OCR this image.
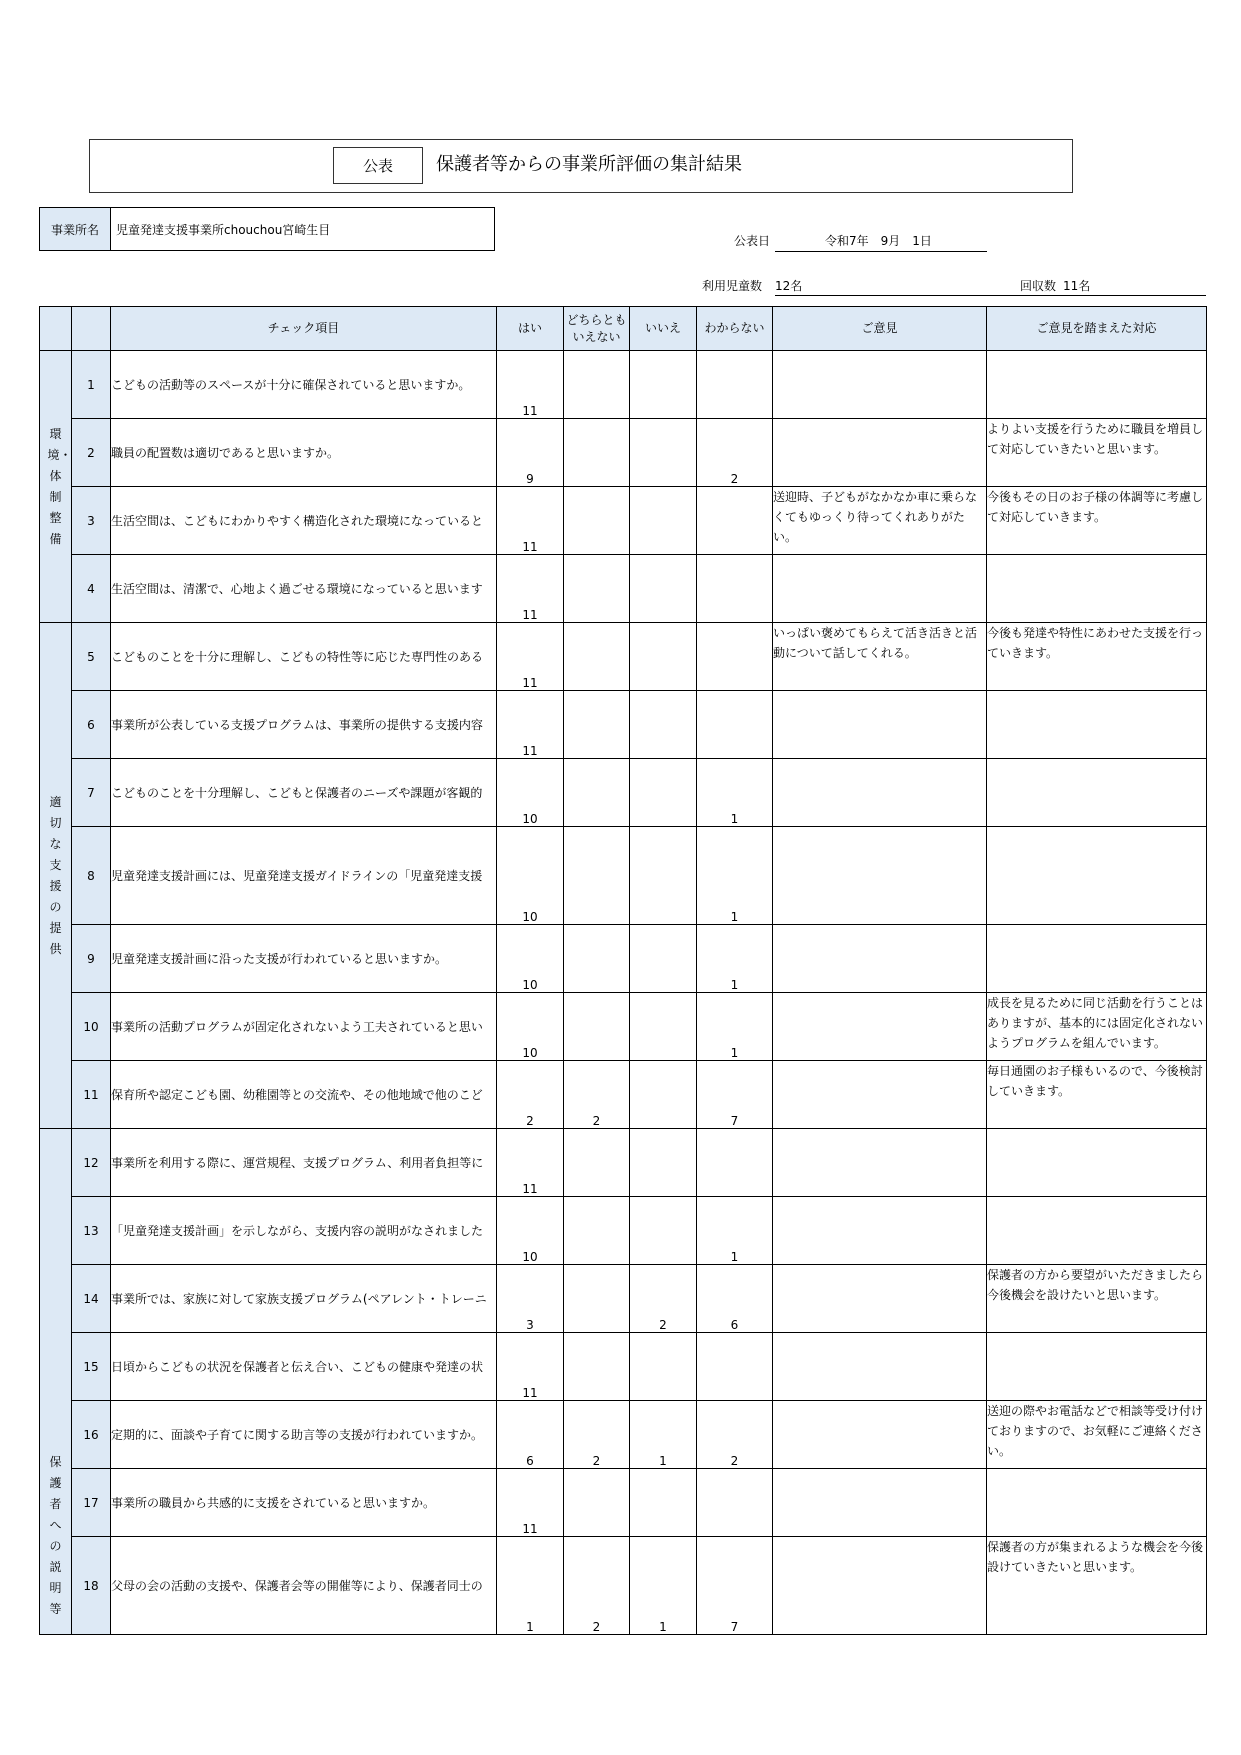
公表	保護者等からの事業所評価の集計結果
事業所名	児童発達支援事業所chouchou宮崎生目
公表日	令和7年　9月　1日
利用児童数 12名	回収数 11名
		チェック項目	はい	どちらとも
いえない	いいえ	わからない	ご意見	ご意見を踏まえた対応

環境・体制整備	1	こどもの活動等のスペースが十分に確保されていると思いますか。	11					
	2	職員の配置数は適切であると思いますか。	9			2		よりよい支援を行うために職員を増員して対応していきたいと思います。
	3	生活空間は、こどもにわかりやすく構造化された環境になっていると	11				送迎時、子どもがなかなか車に乗らなくてもゆっくり待ってくれありがたい。	今後もその日のお子様の体調等に考慮して対応していきます。
	4	生活空間は、清潔で、心地よく過ごせる環境になっていると思います	11					

適切な支援の提供	5	こどものことを十分に理解し、こどもの特性等に応じた専門性のある	11				いっぱい褒めてもらえて活き活きと活動について話してくれる。	今後も発達や特性にあわせた支援を行っていきます。
	6	事業所が公表している支援プログラムは、事業所の提供する支援内容	11					
	7	こどものことを十分理解し、こどもと保護者のニーズや課題が客観的	10			1		
	8	児童発達支援計画には、児童発達支援ガイドラインの「児童発達支援	10			1		
	9	児童発達支援計画に沿った支援が行われていると思いますか。	10			1		
	10	事業所の活動プログラムが固定化されないよう工夫されていると思い	10			1		成長を見るために同じ活動を行うことはありますが、基本的には固定化されないようプログラムを組んでいます。
	11	保育所や認定こども園、幼稚園等との交流や、その他地域で他のこど	2	2		7		毎日通園のお子様もいるので、今後検討していきます。

保護者への説明等	12	事業所を利用する際に、運営規程、支援プログラム、利用者負担等に	11					
	13	「児童発達支援計画」を示しながら、支援内容の説明がなされました	10			1		
	14	事業所では、家族に対して家族支援プログラム(ペアレント・トレーニ	3		2	6		保護者の方から要望がいただきましたら今後機会を設けたいと思います。
	15	日頃からこどもの状況を保護者と伝え合い、こどもの健康や発達の状	11					
	16	定期的に、面談や子育てに関する助言等の支援が行われていますか。	6	2	1	2		送迎の際やお電話などで相談等受け付けておりますので、お気軽にご連絡ください。
	17	事業所の職員から共感的に支援をされていると思いますか。	11					
	18	父母の会の活動の支援や、保護者会等の開催等により、保護者同士の	1	2	1	7		保護者の方が集まれるような機会を今後設けていきたいと思います。
